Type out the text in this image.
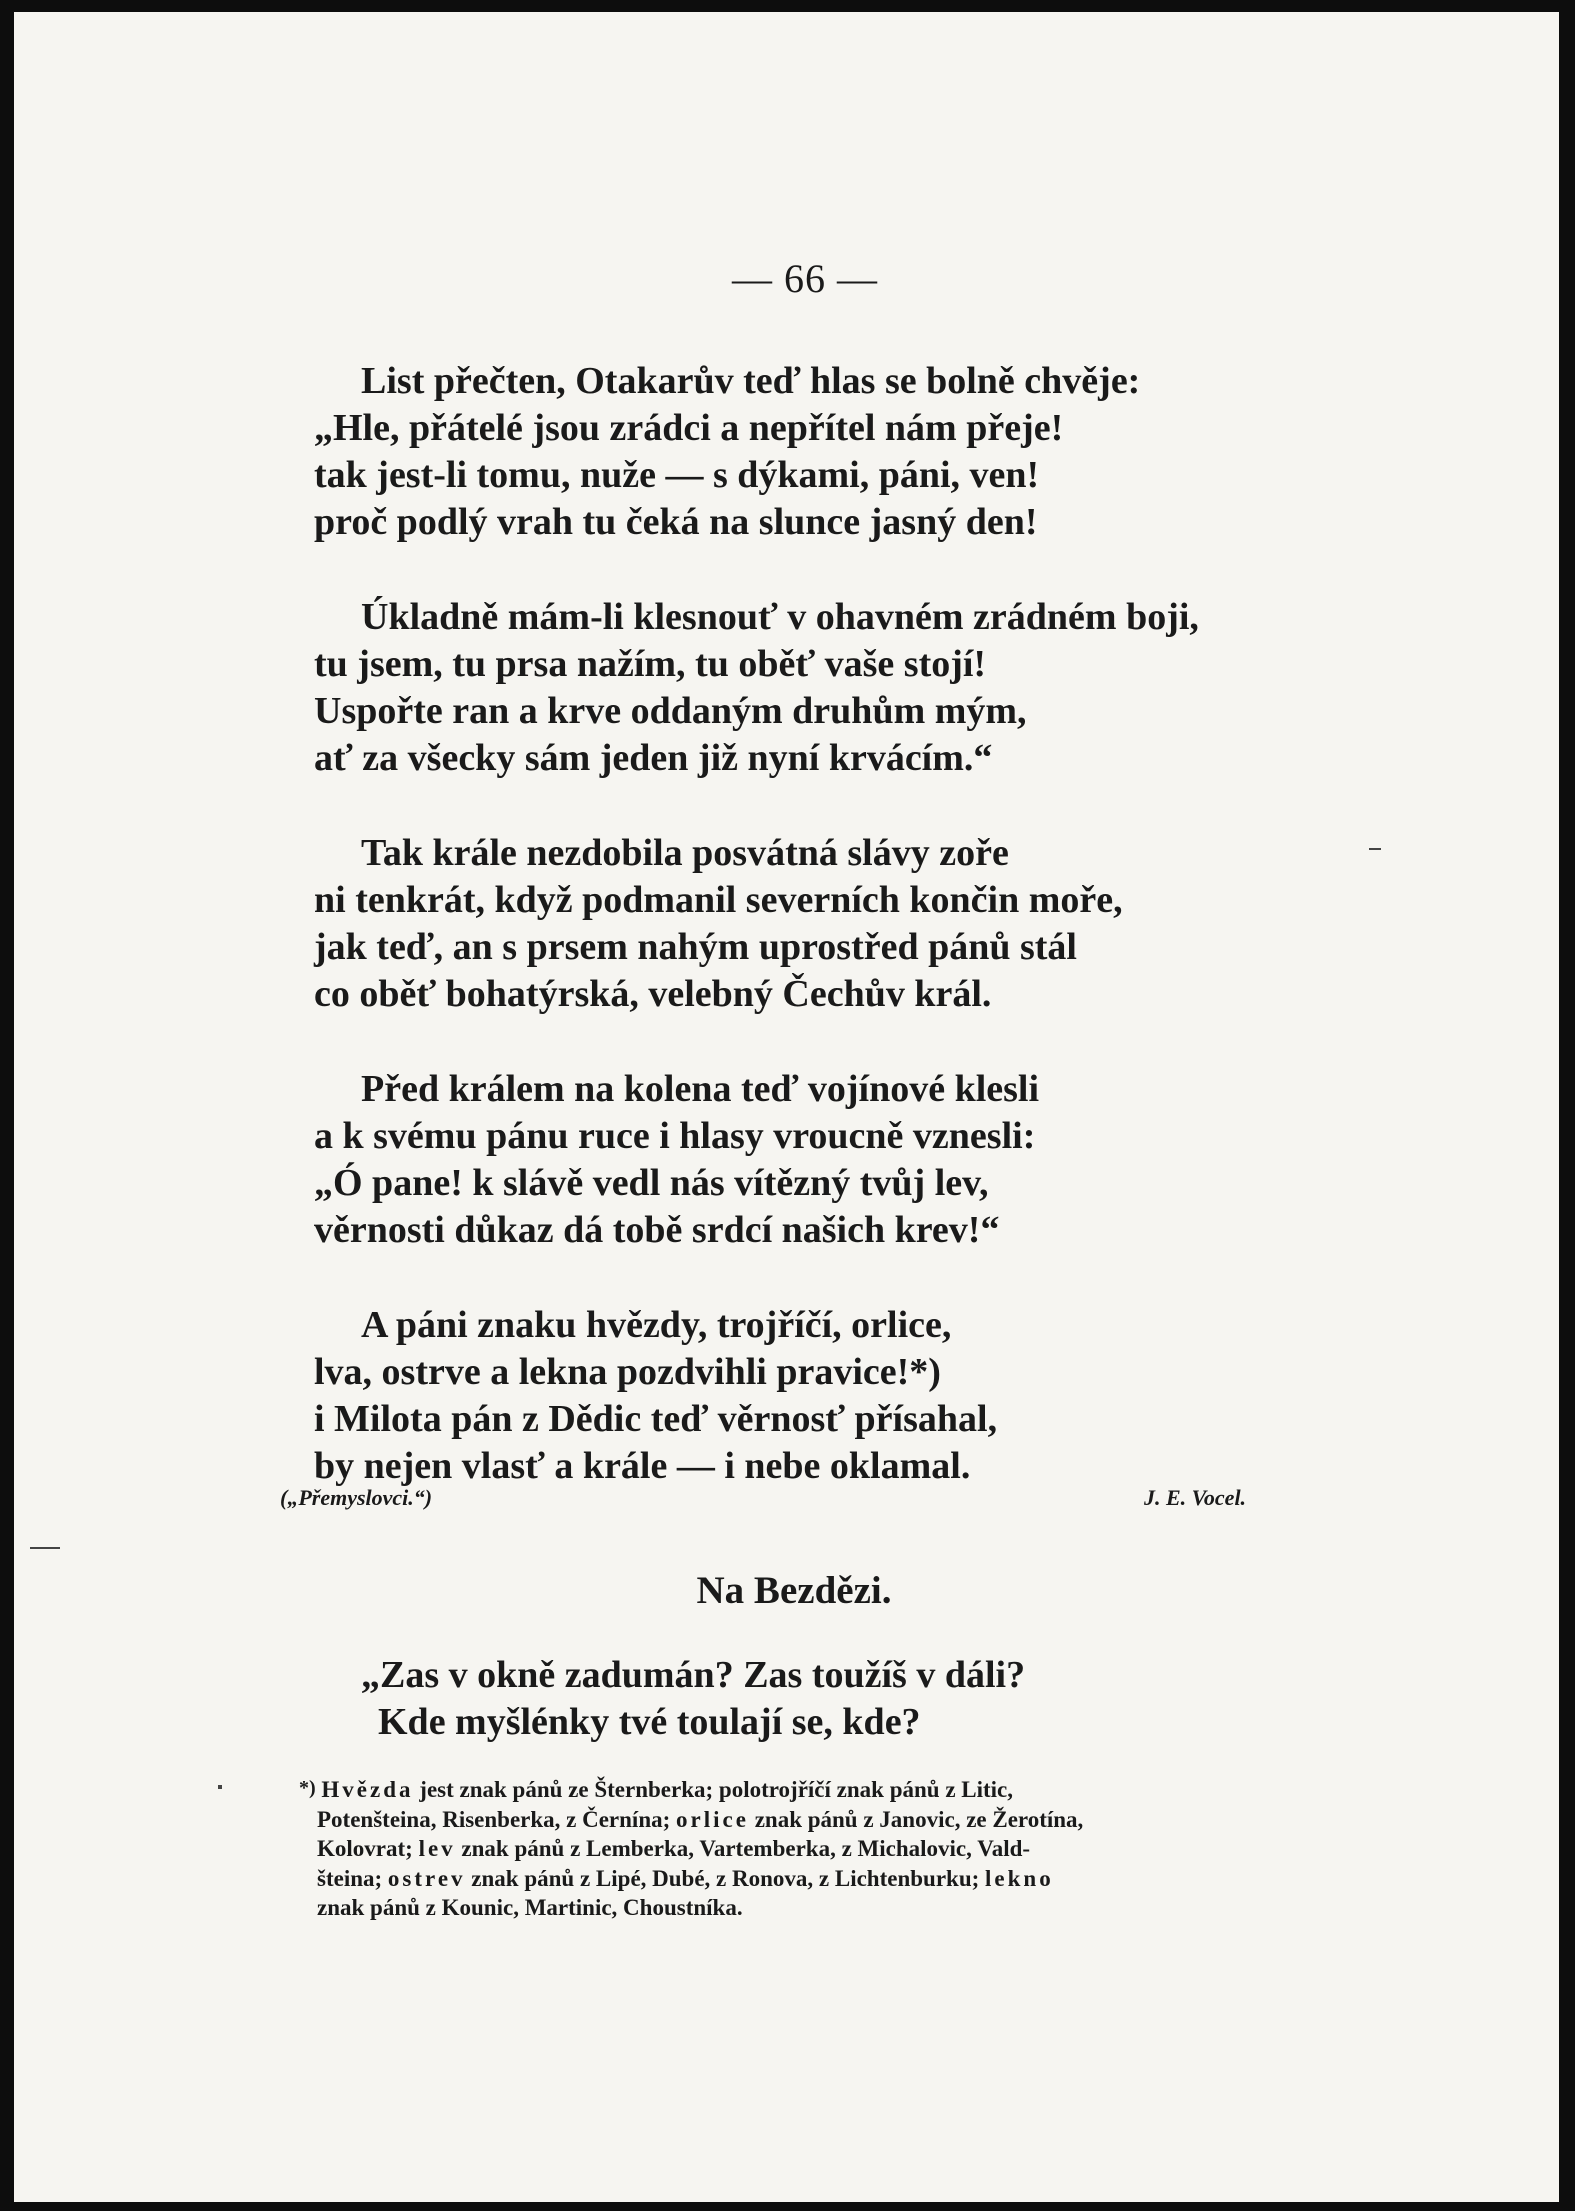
— 66 —
List přečten, Otakarův teď hlas se bolně chvěje:
„Hle, přátelé jsou zrádci a nepřítel nám přeje!
tak jest-li tomu, nuže — s dýkami, páni, ven!
proč podlý vrah tu čeká na slunce jasný den!
Úkladně mám-li klesnouť v ohavném zrádném boji,
tu jsem, tu prsa nažím, tu oběť vaše stojí!
Uspořte ran a krve oddaným druhům mým,
ať za všecky sám jeden již nyní krvácím.“
Tak krále nezdobila posvátná slávy zoře
ni tenkrát, když podmanil severních končin moře,
jak teď, an s prsem nahým uprostřed pánů stál
co oběť bohatýrská, velebný Čechův král.
Před králem na kolena teď vojínové klesli
a k svému pánu ruce i hlasy vroucně vznesli:
„Ó pane! k slávě vedl nás vítězný tvůj lev,
věrnosti důkaz dá tobě srdcí našich krev!“
A páni znaku hvězdy, trojříčí, orlice,
lva, ostrve a lekna pozdvihli pravice!*)
i Milota pán z Dědic teď věrnosť přísahal,
by nejen vlasť a krále — i nebe oklamal.
(„Přemyslovci.“)	J. E. Vocel.
Na Bezdězi.
„Zas v okně zadumán? Zas toužíš v dáli?
Kde myšlénky tvé toulají se, kde?
*) Hvězda jest znak pánů ze Šternberka; polotrojříčí znak pánů z Litic,
Potenšteina, Risenberka, z Černína; orlice znak pánů z Janovic, ze Žerotína,
Kolovrat; lev znak pánů z Lemberka, Vartemberka, z Michalovic, Vald-
šteina; ostrev znak pánů z Lipé, Dubé, z Ronova, z Lichtenburku; lekno
znak pánů z Kounic, Martinic, Choustníka.
